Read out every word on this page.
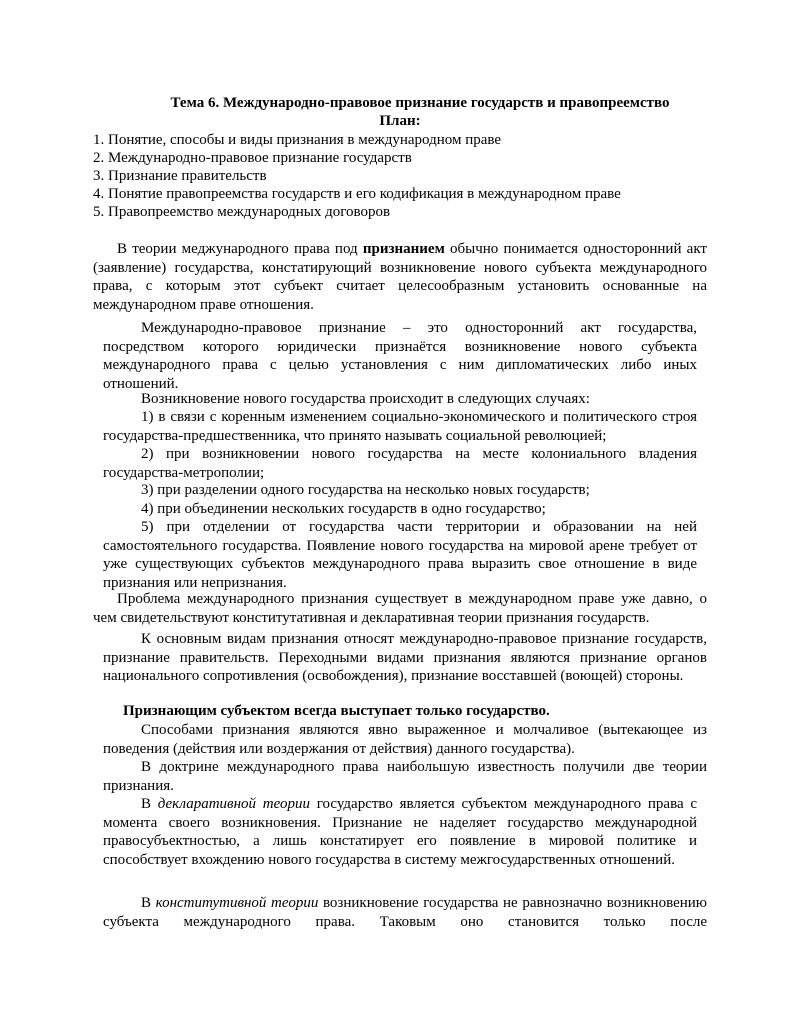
Тема 6. Международно-правовое признание государств и правопреемство
План:
1. Понятие, способы и виды признания в международном праве
2. Международно-правовое признание государств
3. Признание правительств
4. Понятие правопреемства государств и его кодификация в международном праве
5. Правопреемство международных договоров

В теории меджународного права под признанием обычно понимается односторонний акт (заявление) государства, констатирующий возникновение нового субъекта международного права, с которым этот субъект считает целесообразным установить основанные на международном праве отношения.

Международно-правовое признание – это односторонний акт государства, посредством которого юридически признаётся возникновение нового субъекта международного права с целью установления с ним дипломатических либо иных отношений.

Возникновение нового государства происходит в следующих случаях:

1) в связи с коренным изменением социально-экономического и политического строя государства-предшественника, что принято называть социальной революцией;

2) при возникновении нового государства на месте колониального владения государства-метрополии;

3) при разделении одного государства на несколько новых государств;

4) при объединении нескольких государств в одно государство;

5) при отделении от государства части территории и образовании на ней самостоятельного государства. Появление нового государства на мировой арене требует от уже существующих субъектов международного права выразить свое отношение в виде признания или непризнания.

Проблема международного признания существует в международном праве уже давно, о чем свидетельствуют конститутативная и декларативная теории признания государств.

К основным видам признания относят международно-правовое признание государств, признание правительств. Переходными видами признания являются признание органов национального сопротивления (освобождения), признание восставшей (воющей) стороны.

Признающим субъектом всегда выступает только государство.

Способами признания являются явно выраженное и молчаливое (вытекающее из поведения (действия или воздержания от действия) данного государства).

В доктрине международного права наибольшую известность получили две теории признания.

В декларативной теории государство является субъектом международного права с момента своего возникновения. Признание не наделяет государство международной правосубъектностью, а лишь констатирует его появление в мировой политике и способствует вхождению нового государства в систему межгосударственных отношений.

В конститутивной теории возникновение государства не равнозначно возникновению субъекта международного права. Таковым оно становится только после
